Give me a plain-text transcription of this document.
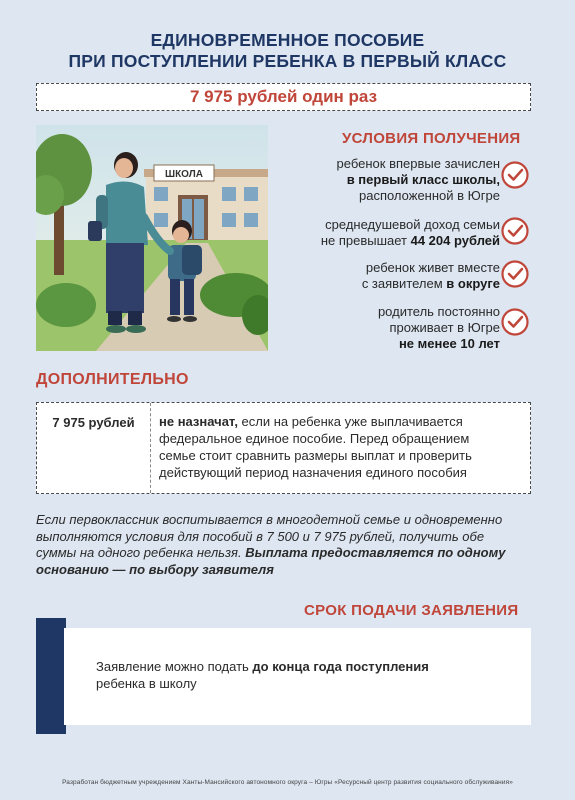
ЕДИНОВРЕМЕННОЕ ПОСОБИЕ
ПРИ ПОСТУПЛЕНИИ РЕБЕНКА В ПЕРВЫЙ КЛАСС
7 975 рублей один раз
ШКОЛА
УСЛОВИЯ ПОЛУЧЕНИЯ
ребенок впервые зачислен
в первый класс школы,
расположенной в Югре
среднедушевой доход семьи
не превышает 44 204 рублей
ребенок живет вместе
с заявителем в округе
родитель постоянно
проживает в Югре
не менее 10 лет
ДОПОЛНИТЕЛЬНО
7 975 рублей	не назначат, если на ребенка уже выплачивается
федеральное единое пособие. Перед обращением
семье стоит сравнить размеры выплат и проверить
действующий период назначения единого пособия
Если первоклассник воспитывается в многодетной семье и одновременно
выполняются условия для пособий в 7 500 и 7 975 рублей, получить обе
суммы на одного ребенка нельзя. Выплата предоставляется по одному
основанию — по выбору заявителя
СРОК ПОДАЧИ ЗАЯВЛЕНИЯ
Заявление можно подать до конца года поступления
ребенка в школу
Разработан бюджетным учреждением Ханты-Мансийского автономного округа – Югры «Ресурсный центр развития социального обслуживания»
